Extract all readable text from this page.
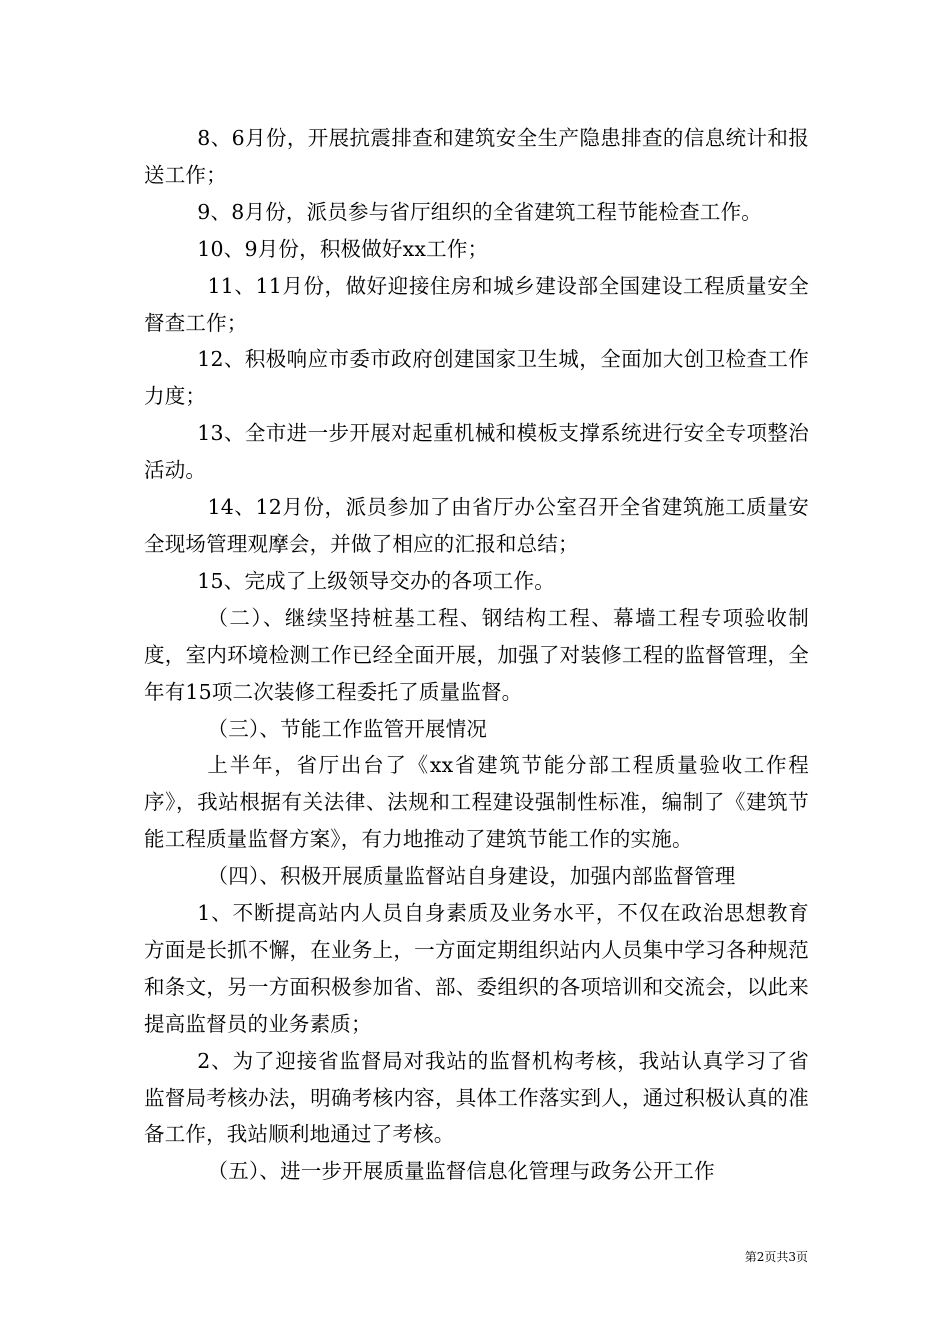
8、6月份，开展抗震排查和建筑安全生产隐患排查的信息统计和报送工作；

9、8月份，派员参与省厅组织的全省建筑工程节能检查工作。

10、9月份，积极做好xx工作；

11、11月份，做好迎接住房和城乡建设部全国建设工程质量安全督查工作；

12、积极响应市委市政府创建国家卫生城，全面加大创卫检查工作力度；

13、全市进一步开展对起重机械和模板支撑系统进行安全专项整治活动。

14、12月份，派员参加了由省厅办公室召开全省建筑施工质量安全现场管理观摩会，并做了相应的汇报和总结；

15、完成了上级领导交办的各项工作。

（二）、继续坚持桩基工程、钢结构工程、幕墙工程专项验收制度，室内环境检测工作已经全面开展，加强了对装修工程的监督管理，全年有15项二次装修工程委托了质量监督。

（三）、节能工作监管开展情况

上半年，省厅出台了《xx省建筑节能分部工程质量验收工作程序》，我站根据有关法律、法规和工程建设强制性标准，编制了《建筑节能工程质量监督方案》，有力地推动了建筑节能工作的实施。

（四）、积极开展质量监督站自身建设，加强内部监督管理

1、不断提高站内人员自身素质及业务水平，不仅在政治思想教育方面是长抓不懈，在业务上，一方面定期组织站内人员集中学习各种规范和条文，另一方面积极参加省、部、委组织的各项培训和交流会，以此来提高监督员的业务素质；

2、为了迎接省监督局对我站的监督机构考核，我站认真学习了省监督局考核办法，明确考核内容，具体工作落实到人，通过积极认真的准备工作，我站顺利地通过了考核。

（五）、进一步开展质量监督信息化管理与政务公开工作

第2页共3页
